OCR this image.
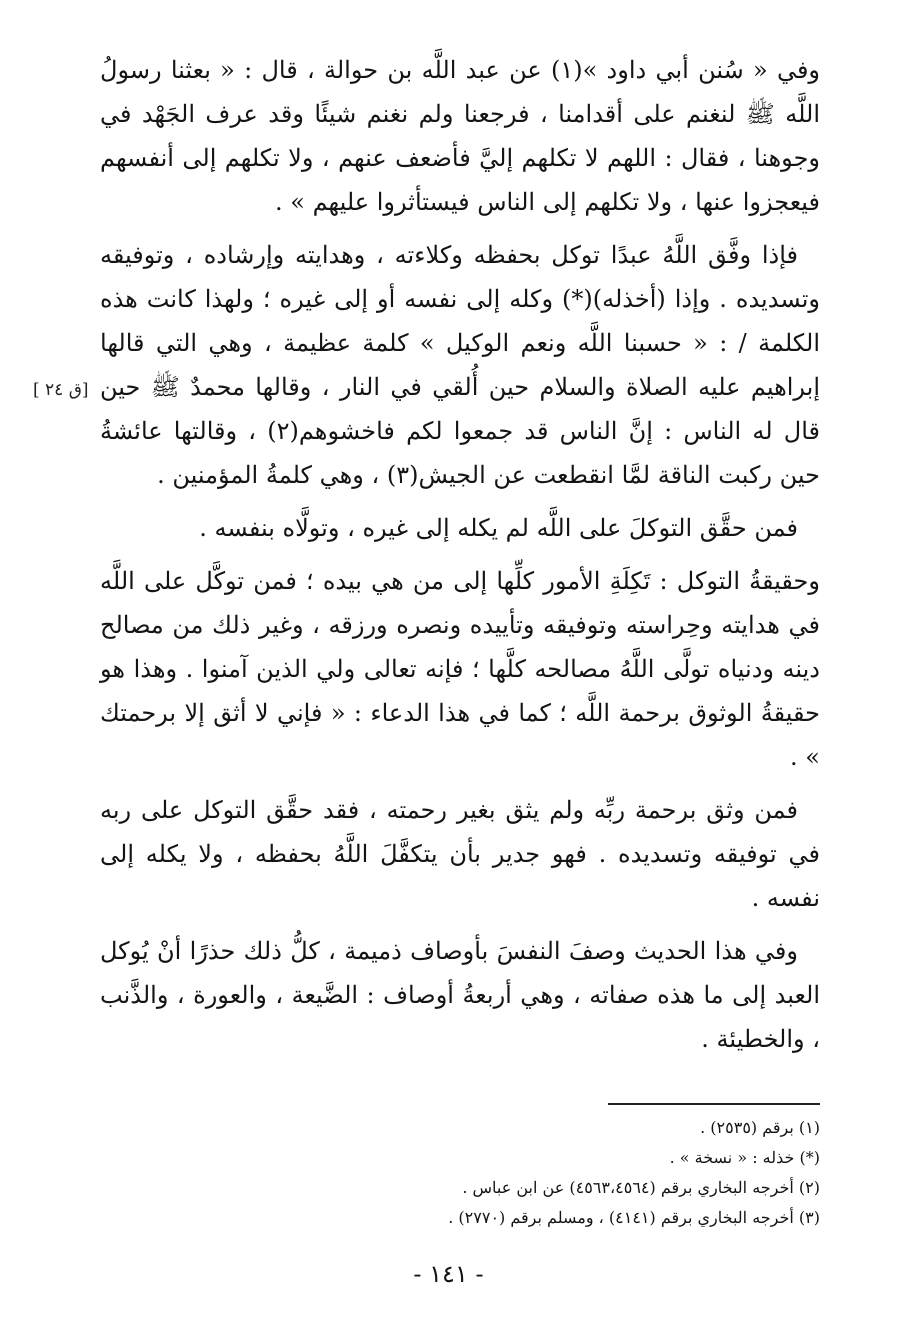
وفي « سُنن أبي داود »(١) عن عبد اللَّه بن حوالة ، قال : « بعثنا رسولُ اللَّه ﷺ لنغنم على أقدامنا ، فرجعنا ولم نغنم شيئًا وقد عرف الجَهْد في وجوهنا ، فقال : اللهم لا تكلهم إليَّ فأضعف عنهم ، ولا تكلهم إلى أنفسهم فيعجزوا عنها ، ولا تكلهم إلى الناس فيستأثروا عليهم » .

فإذا وفَّق اللَّهُ عبدًا توكل بحفظه وكلاءته ، وهدايته وإرشاده ، وتوفيقه وتسديده . وإذا (أخذله)(*) وكله إلى نفسه أو إلى غيره ؛ ولهذا كانت هذه الكلمة / : « حسبنا اللَّه ونعم الوكيل » كلمة عظيمة ، وهي التي قالها إبراهيم عليه الصلاة والسلام حين أُلقي في النار ، وقالها محمدٌ ﷺ حين قال له الناس : إنَّ الناس قد جمعوا لكم فاخشوهم(٢) ، وقالتها عائشةُ حين ركبت الناقة لمَّا انقطعت عن الجيش(٣) ، وهي كلمةُ المؤمنين .

فمن حقَّق التوكلَ على اللَّه لم يكله إلى غيره ، وتولَّاه بنفسه .

وحقيقةُ التوكل : تَكِلَةِ الأمور كلِّها إلى من هي بيده ؛ فمن توكَّل على اللَّه في هدايته وحِراسته وتوفيقه وتأييده ونصره ورزقه ، وغير ذلك من مصالح دينه ودنياه تولَّى اللَّهُ مصالحه كلَّها ؛ فإنه تعالى ولي الذين آمنوا . وهذا هو حقيقةُ الوثوق برحمة اللَّه ؛ كما في هذا الدعاء : « فإني لا أثق إلا برحمتك » .

فمن وثق برحمة ربِّه ولم يثق بغير رحمته ، فقد حقَّق التوكل على ربه في توفيقه وتسديده . فهو جدير بأن يتكفَّلَ اللَّهُ بحفظه ، ولا يكله إلى نفسه .

وفي هذا الحديث وصفَ النفسَ بأوصاف ذميمة ، كلُّ ذلك حذرًا أنْ يُوكل العبد إلى ما هذه صفاته ، وهي أربعةُ أوصاف : الضَّيعة ، والعورة ، والذَّنب ، والخطيئة .

[ق ٢٤ ]
(١) برقم (٢٥٣٥) .
(*) خذله : « نسخة » .
(٢) أخرجه البخاري برقم (٤٥٦٣،٤٥٦٤) عن ابن عباس .
(٣) أخرجه البخاري برقم (٤١٤١) ، ومسلم برقم (٢٧٧٠) .
- ١٤١ -
